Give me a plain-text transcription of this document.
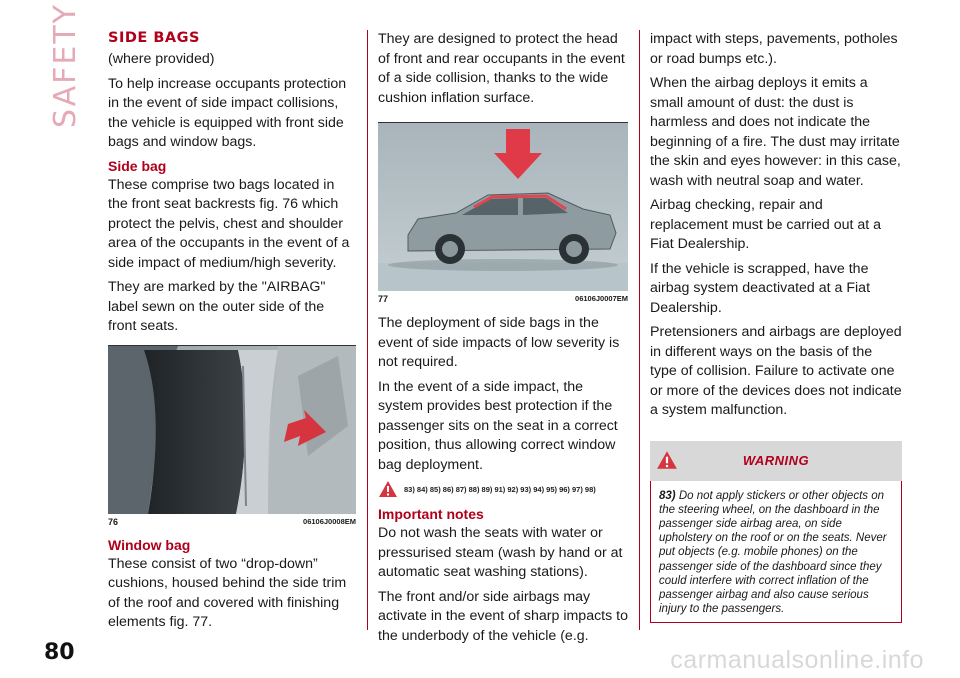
SAFETY SIDE BAGS

(where provided)

To help increase occupants protection in the event of side impact collisions, the vehicle is equipped with front side bags and window bags.

Side bag

These comprise two bags located in the front seat backrests fig. 76 which protect the pelvis, chest and shoulder area of the occupants in the event of a side impact of medium/high severity.

They are marked by the "AIRBAG" label sewn on the outer side of the front seats.

76	06106J0008EM
Window bag

These consist of two “drop-down” cushions, housed behind the side trim of the roof and covered with finishing elements fig. 77.

They are designed to protect the head of front and rear occupants in the event of a side collision, thanks to the wide cushion inflation surface.

77	06106J0007EM

The deployment of side bags in the event of side impacts of low severity is not required.

In the event of a side impact, the system provides best protection if the passenger sits on the seat in a correct position, thus allowing correct window bag deployment.

83) 84) 85) 86) 87) 88) 89) 91) 92) 93) 94) 95) 96) 97) 98)
Important notes

Do not wash the seats with water or pressurised steam (wash by hand or at automatic seat washing stations).

The front and/or side airbags may activate in the event of sharp impacts to the underbody of the vehicle (e.g.

impact with steps, pavements, potholes or road bumps etc.).

When the airbag deploys it emits a small amount of dust: the dust is harmless and does not indicate the beginning of a fire. The dust may irritate the skin and eyes however: in this case, wash with neutral soap and water.

Airbag checking, repair and replacement must be carried out at a Fiat Dealership.

If the vehicle is scrapped, have the airbag system deactivated at a Fiat Dealership.

Pretensioners and airbags are deployed in different ways on the basis of the type of collision. Failure to activate one or more of the devices does not indicate a system malfunction.

WARNING
83) Do not apply stickers or other objects on the steering wheel, on the dashboard in the passenger side airbag area, on side upholstery on the roof or on the seats. Never put objects (e.g. mobile phones) on the passenger side of the dashboard since they could interfere with correct inflation of the passenger airbag and also cause serious injury to the passengers.
80	carmanualsonline.info
